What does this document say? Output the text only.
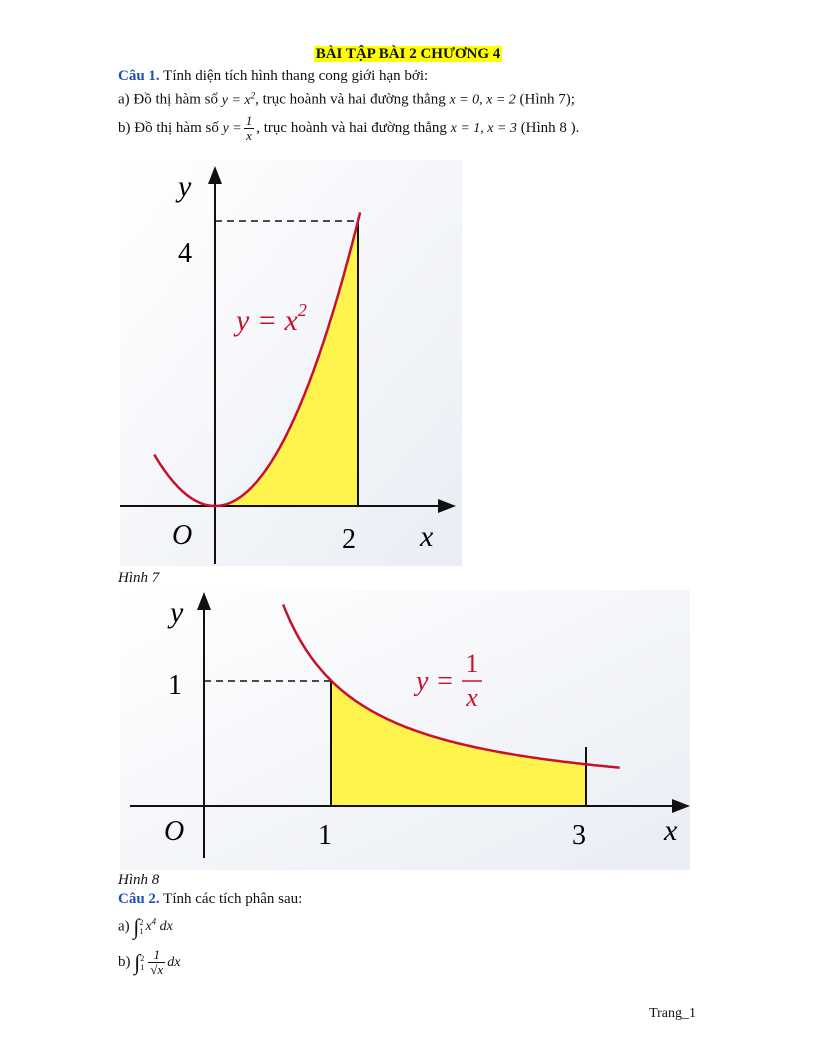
BÀI TẬP BÀI 2 CHƯƠNG 4
Câu 1. Tính diện tích hình thang cong giới hạn bởi:
a) Đồ thị hàm số $y = x^2$, trục hoành và hai đường thẳng x = 0, x = 2 (Hình 7);
b) Đồ thị hàm số $y = \frac{1}{x}$ , trục hoành và hai đường thẳng x = 1, x = 3 (Hình 8 ).
y
4
O	2 x
$y = x^2$
Hình 7
y
1
O	1	3	x
y =
1
x
Hình 8
Câu 2. Tính các tích phân sau:
a) ∫2
1 $x^4$ dx
b) ∫2
$1 \frac{1}{√x}$ dx
Trang_1
